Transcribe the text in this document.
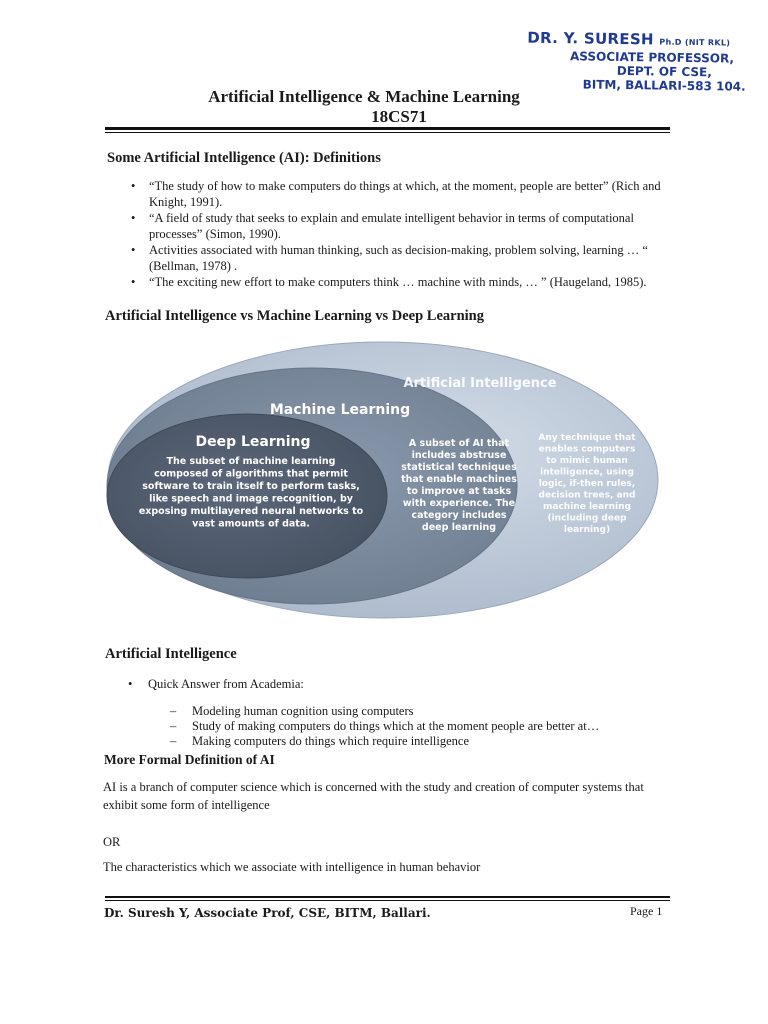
DR. Y. SURESH Ph.D (NIT RKL)
ASSOCIATE PROFESSOR,
DEPT. OF CSE,
BITM, BALLARI-583 104.
Artificial Intelligence & Machine Learning
18CS71
Some Artificial Intelligence (AI): Definitions
• “The study of how to make computers do things at which, at the moment, people are better” (Rich and Knight, 1991).
• “A field of study that seeks to explain and emulate intelligent behavior in terms of computational processes” (Simon, 1990).
• Activities associated with human thinking, such as decision-making, problem solving, learning … “ (Bellman, 1978) .
• “The exciting new effort to make computers think … machine with minds, … ” (Haugeland, 1985).
Artificial Intelligence vs Machine Learning vs Deep Learning
Artificial Intelligence
Machine Learning
Deep Learning
The subset of machine learning
composed of algorithms that permit
software to train itself to perform tasks,
like speech and image recognition, by
exposing multilayered neural networks to
vast amounts of data.
A subset of AI that
includes abstruse
statistical techniques
that enable machines
to improve at tasks
with experience. The
category includes
deep learning
Any technique that
enables computers
to mimic human
intelligence, using
logic, if-then rules,
decision trees, and
machine learning
(including deep
learning)
Artificial Intelligence
• Quick Answer from Academia:
– Modeling human cognition using computers
– Study of making computers do things which at the moment people are better at…
– Making computers do things which require intelligence
More Formal Definition of AI
AI is a branch of computer science which is concerned with the study and creation of computer systems that exhibit some form of intelligence
OR
The characteristics which we associate with intelligence in human behavior
Dr. Suresh Y, Associate Prof, CSE, BITM, Ballari.	Page 1
